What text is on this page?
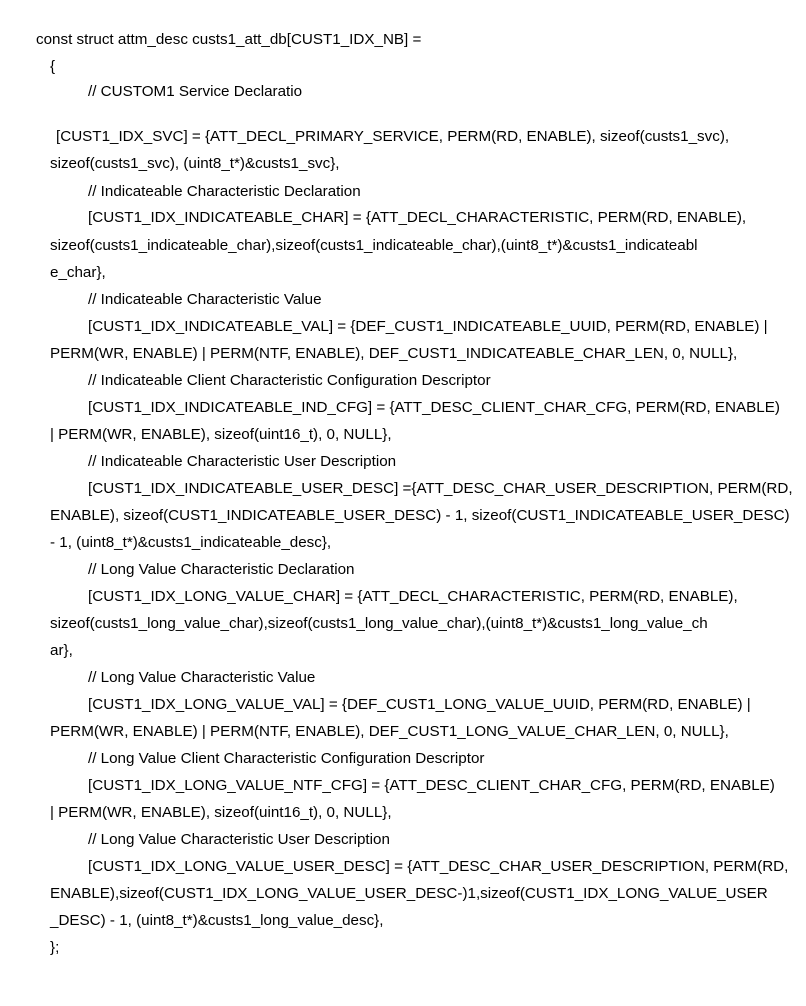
const struct attm_desc custs1_att_db[CUST1_IDX_NB] =
{
// CUSTOM1 Service Declaratio
[CUST1_IDX_SVC] = {ATT_DECL_PRIMARY_SERVICE, PERM(RD, ENABLE), sizeof(custs1_svc),
sizeof(custs1_svc), (uint8_t*)&custs1_svc},
// Indicateable Characteristic Declaration
[CUST1_IDX_INDICATEABLE_CHAR] = {ATT_DECL_CHARACTERISTIC, PERM(RD, ENABLE),
sizeof(custs1_indicateable_char),sizeof(custs1_indicateable_char),(uint8_t*)&custs1_indicateabl
e_char},
// Indicateable Characteristic Value
[CUST1_IDX_INDICATEABLE_VAL] = {DEF_CUST1_INDICATEABLE_UUID, PERM(RD, ENABLE) |
PERM(WR, ENABLE) | PERM(NTF, ENABLE), DEF_CUST1_INDICATEABLE_CHAR_LEN, 0, NULL},
// Indicateable Client Characteristic Configuration Descriptor
[CUST1_IDX_INDICATEABLE_IND_CFG] = {ATT_DESC_CLIENT_CHAR_CFG, PERM(RD, ENABLE)
| PERM(WR, ENABLE), sizeof(uint16_t), 0, NULL},
// Indicateable Characteristic User Description
[CUST1_IDX_INDICATEABLE_USER_DESC] ={ATT_DESC_CHAR_USER_DESCRIPTION, PERM(RD,
ENABLE), sizeof(CUST1_INDICATEABLE_USER_DESC) - 1, sizeof(CUST1_INDICATEABLE_USER_DESC)
- 1, (uint8_t*)&custs1_indicateable_desc},
// Long Value Characteristic Declaration
[CUST1_IDX_LONG_VALUE_CHAR] = {ATT_DECL_CHARACTERISTIC, PERM(RD, ENABLE),
sizeof(custs1_long_value_char),sizeof(custs1_long_value_char),(uint8_t*)&custs1_long_value_ch
ar},
// Long Value Characteristic Value
[CUST1_IDX_LONG_VALUE_VAL] = {DEF_CUST1_LONG_VALUE_UUID, PERM(RD, ENABLE) |
PERM(WR, ENABLE) | PERM(NTF, ENABLE), DEF_CUST1_LONG_VALUE_CHAR_LEN, 0, NULL},
// Long Value Client Characteristic Configuration Descriptor
[CUST1_IDX_LONG_VALUE_NTF_CFG] = {ATT_DESC_CLIENT_CHAR_CFG, PERM(RD, ENABLE)
| PERM(WR, ENABLE), sizeof(uint16_t), 0, NULL},
// Long Value Characteristic User Description
[CUST1_IDX_LONG_VALUE_USER_DESC] = {ATT_DESC_CHAR_USER_DESCRIPTION, PERM(RD,
ENABLE),sizeof(CUST1_IDX_LONG_VALUE_USER_DESC-)1,sizeof(CUST1_IDX_LONG_VALUE_USER
_DESC) - 1, (uint8_t*)&custs1_long_value_desc},
};
